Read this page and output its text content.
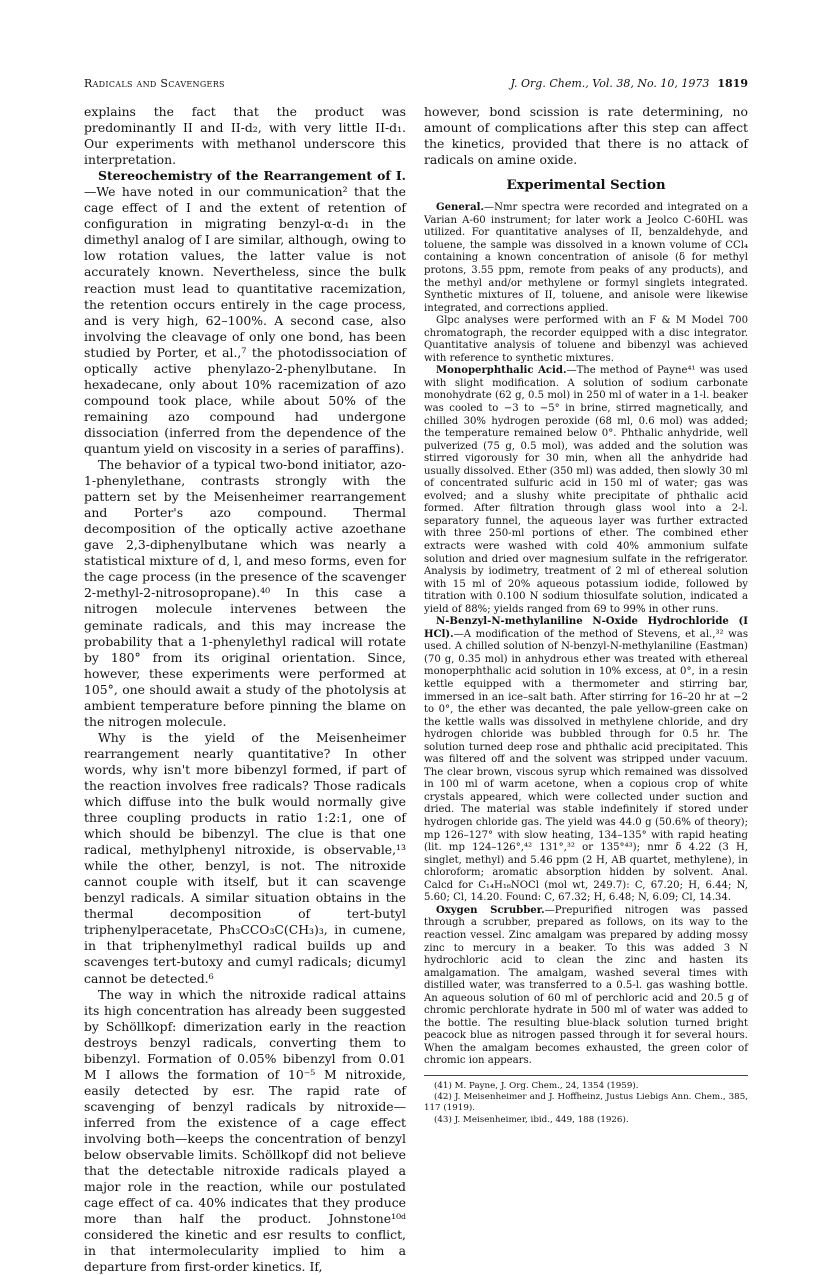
Radicals and Scavengers	J. Org. Chem., Vol. 38, No. 10, 1973 1819

explains the fact that the product was predominantly II and II-d₂, with very little II-d₁. Our experiments with methanol underscore this interpretation.

Stereochemistry of the Rearrangement of I.—We have noted in our communication² that the cage effect of I and the extent of retention of configuration in migrating benzyl-α-d₁ in the dimethyl analog of I are similar, although, owing to low rotation values, the latter value is not accurately known. Nevertheless, since the bulk reaction must lead to quantitative racemization, the retention occurs entirely in the cage process, and is very high, 62–100%. A second case, also involving the cleavage of only one bond, has been studied by Porter, et al.,⁷ the photodissociation of optically active phenylazo-2-phenylbutane. In hexadecane, only about 10% racemization of azo compound took place, while about 50% of the remaining azo compound had undergone dissociation (inferred from the dependence of the quantum yield on viscosity in a series of paraffins).

The behavior of a typical two-bond initiator, azo-1-phenylethane, contrasts strongly with the pattern set by the Meisenheimer rearrangement and Porter's azo compound. Thermal decomposition of the optically active azoethane gave 2,3-diphenylbutane which was nearly a statistical mixture of d, l, and meso forms, even for the cage process (in the presence of the scavenger 2-methyl-2-nitrosopropane).⁴⁰ In this case a nitrogen molecule intervenes between the geminate radicals, and this may increase the probability that a 1-phenylethyl radical will rotate by 180° from its original orientation. Since, however, these experiments were performed at 105°, one should await a study of the photolysis at ambient temperature before pinning the blame on the nitrogen molecule.

Why is the yield of the Meisenheimer rearrangement nearly quantitative? In other words, why isn't more bibenzyl formed, if part of the reaction involves free radicals? Those radicals which diffuse into the bulk would normally give three coupling products in ratio 1:2:1, one of which should be bibenzyl. The clue is that one radical, methylphenyl nitroxide, is observable,¹³ while the other, benzyl, is not. The nitroxide cannot couple with itself, but it can scavenge benzyl radicals. A similar situation obtains in the thermal decomposition of tert-butyl triphenylperacetate, Ph₃CCO₃C(CH₃)₃, in cumene, in that triphenylmethyl radical builds up and scavenges tert-butoxy and cumyl radicals; dicumyl cannot be detected.⁶

The way in which the nitroxide radical attains its high concentration has already been suggested by Schöllkopf: dimerization early in the reaction destroys benzyl radicals, converting them to bibenzyl. Formation of 0.05% bibenzyl from 0.01 M I allows the formation of 10⁻⁵ M nitroxide, easily detected by esr. The rapid rate of scavenging of benzyl radicals by nitroxide—inferred from the existence of a cage effect involving both—keeps the concentration of benzyl below observable limits. Schöllkopf did not believe that the detectable nitroxide radicals played a major role in the reaction, while our postulated cage effect of ca. 40% indicates that they produce more than half the product. Johnstone¹⁰ᵈ considered the kinetic and esr results to conflict, in that intermolecularity implied to him a departure from first-order kinetics. If,

however, bond scission is rate determining, no amount of complications after this step can affect the kinetics, provided that there is no attack of radicals on amine oxide.

Experimental Section

General.—Nmr spectra were recorded and integrated on a Varian A-60 instrument; for later work a Jeolco C-60HL was utilized. For quantitative analyses of II, benzaldehyde, and toluene, the sample was dissolved in a known volume of CCl₄ containing a known concentration of anisole (δ for methyl protons, 3.55 ppm, remote from peaks of any products), and the methyl and/or methylene or formyl singlets integrated. Synthetic mixtures of II, toluene, and anisole were likewise integrated, and corrections applied.

Glpc analyses were performed with an F & M Model 700 chromatograph, the recorder equipped with a disc integrator. Quantitative analysis of toluene and bibenzyl was achieved with reference to synthetic mixtures.

Monoperphthalic Acid.—The method of Payne⁴¹ was used with slight modification. A solution of sodium carbonate monohydrate (62 g, 0.5 mol) in 250 ml of water in a 1-l. beaker was cooled to −3 to −5° in brine, stirred magnetically, and chilled 30% hydrogen peroxide (68 ml, 0.6 mol) was added; the temperature remained below 0°. Phthalic anhydride, well pulverized (75 g, 0.5 mol), was added and the solution was stirred vigorously for 30 min, when all the anhydride had usually dissolved. Ether (350 ml) was added, then slowly 30 ml of concentrated sulfuric acid in 150 ml of water; gas was evolved; and a slushy white precipitate of phthalic acid formed. After filtration through glass wool into a 2-l. separatory funnel, the aqueous layer was further extracted with three 250-ml portions of ether. The combined ether extracts were washed with cold 40% ammonium sulfate solution and dried over magnesium sulfate in the refrigerator. Analysis by iodimetry, treatment of 2 ml of ethereal solution with 15 ml of 20% aqueous potassium iodide, followed by titration with 0.100 N sodium thiosulfate solution, indicated a yield of 88%; yields ranged from 69 to 99% in other runs.

N-Benzyl-N-methylaniline N-Oxide Hydrochloride (I HCl).—A modification of the method of Stevens, et al.,³² was used. A chilled solution of N-benzyl-N-methylaniline (Eastman) (70 g, 0.35 mol) in anhydrous ether was treated with ethereal monoperphthalic acid solution in 10% excess, at 0°, in a resin kettle equipped with a thermometer and stirring bar, immersed in an ice–salt bath. After stirring for 16–20 hr at −2 to 0°, the ether was decanted, the pale yellow-green cake on the kettle walls was dissolved in methylene chloride, and dry hydrogen chloride was bubbled through for 0.5 hr. The solution turned deep rose and phthalic acid precipitated. This was filtered off and the solvent was stripped under vacuum. The clear brown, viscous syrup which remained was dissolved in 100 ml of warm acetone, when a copious crop of white crystals appeared, which were collected under suction and dried. The material was stable indefinitely if stored under hydrogen chloride gas. The yield was 44.0 g (50.6% of theory); mp 126–127° with slow heating, 134–135° with rapid heating (lit. mp 124–126°,⁴² 131°,³² or 135°⁴³); nmr δ 4.22 (3 H, singlet, methyl) and 5.46 ppm (2 H, AB quartet, methylene), in chloroform; aromatic absorption hidden by solvent. Anal. Calcd for C₁₄H₁₆NOCl (mol wt, 249.7): C, 67.20; H, 6.44; N, 5.60; Cl, 14.20. Found: C, 67.32; H, 6.48; N, 6.09; Cl, 14.34.

Oxygen Scrubber.—Prepurified nitrogen was passed through a scrubber, prepared as follows, on its way to the reaction vessel. Zinc amalgam was prepared by adding mossy zinc to mercury in a beaker. To this was added 3 N hydrochloric acid to clean the zinc and hasten its amalgamation. The amalgam, washed several times with distilled water, was transferred to a 0.5-l. gas washing bottle. An aqueous solution of 60 ml of perchloric acid and 20.5 g of chromic perchlorate hydrate in 500 ml of water was added to the bottle. The resulting blue-black solution turned bright peacock blue as nitrogen passed through it for several hours. When the amalgam becomes exhausted, the green color of chromic ion appears.

(41) M. Payne, J. Org. Chem., 24, 1354 (1959).

(42) J. Meisenheimer and J. Hoffheinz, Justus Liebigs Ann. Chem., 385, 117 (1919).

(43) J. Meisenheimer, ibid., 449, 188 (1926).
